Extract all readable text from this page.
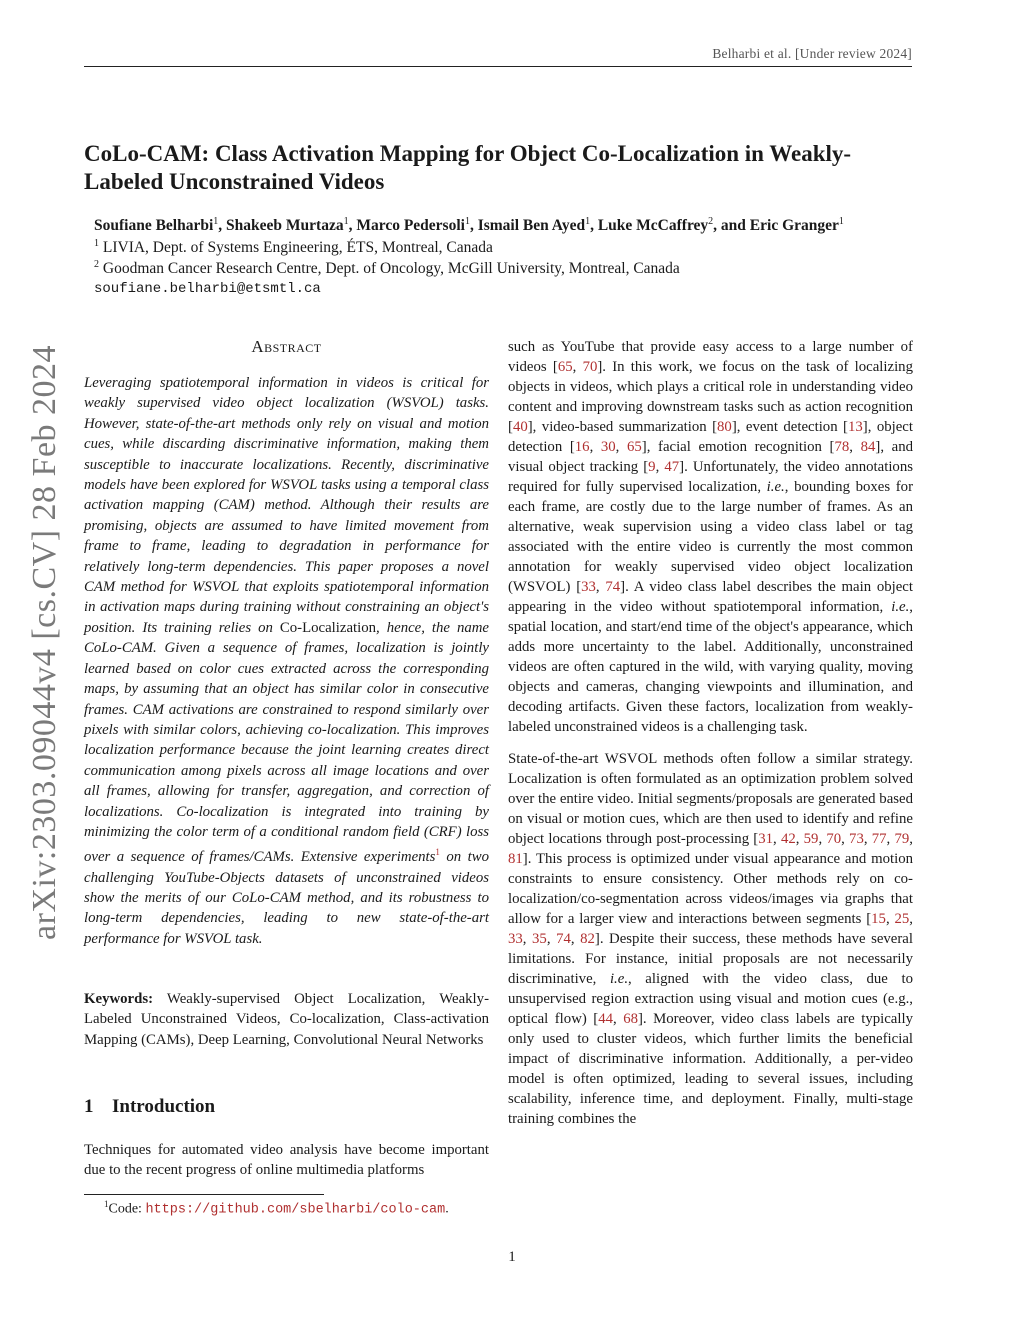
Belharbi et al. [Under review 2024]
arXiv:2303.09044v4 [cs.CV] 28 Feb 2024
CoLo-CAM: Class Activation Mapping for Object Co-Localization in Weakly-Labeled Unconstrained Videos
Soufiane Belharbi$^1$, Shakeeb Murtaza$^1$, Marco Pedersoli$^1$, Ismail Ben Ayed$^1$, Luke McCaffrey$^2$, and Eric Granger$^1$
$^1$ LIVIA, Dept. of Systems Engineering, ÉTS, Montreal, Canada
$^2$ Goodman Cancer Research Centre, Dept. of Oncology, McGill University, Montreal, Canada
soufiane.belharbi@etsmtl.ca
Abstract
Leveraging spatiotemporal information in videos is critical for weakly supervised video object localization (WSVOL) tasks. However, state-of-the-art methods only rely on visual and motion cues, while discarding discriminative information, making them susceptible to inaccurate localizations. Recently, discriminative models have been explored for WSVOL tasks using a temporal class activation mapping (CAM) method. Although their results are promising, objects are assumed to have limited movement from frame to frame, leading to degradation in performance for relatively long-term dependencies. This paper proposes a novel CAM method for WSVOL that exploits spatiotemporal information in activation maps during training without constraining an object's position. Its training relies on Co-Localization, hence, the name CoLo-CAM. Given a sequence of frames, localization is jointly learned based on color cues extracted across the corresponding maps, by assuming that an object has similar color in consecutive frames. CAM activations are constrained to respond similarly over pixels with similar colors, achieving co-localization. This improves localization performance because the joint learning creates direct communication among pixels across all image locations and over all frames, allowing for transfer, aggregation, and correction of localizations. Co-localization is integrated into training by minimizing the color term of a conditional random field (CRF) loss over a sequence of frames/CAMs. Extensive experiments$^1$ on two challenging YouTube-Objects datasets of unconstrained videos show the merits of our CoLo-CAM method, and its robustness to long-term dependencies, leading to new state-of-the-art performance for WSVOL task.
Keywords: Weakly-supervised Object Localization, Weakly-Labeled Unconstrained Videos, Co-localization, Class-activation Mapping (CAMs), Deep Learning, Convolutional Neural Networks
1 Introduction
Techniques for automated video analysis have become important due to the recent progress of online multimedia platforms
$^1$Code: https://github.com/sbelharbi/colo-cam.

such as YouTube that provide easy access to a large number of videos [65, 70]. In this work, we focus on the task of localizing objects in videos, which plays a critical role in understanding video content and improving downstream tasks such as action recognition [40], video-based summarization [80], event detection [13], object detection [16, 30, 65], facial emotion recognition [78, 84], and visual object tracking [9, 47]. Unfortunately, the video annotations required for fully supervised localization, i.e., bounding boxes for each frame, are costly due to the large number of frames. As an alternative, weak supervision using a video class label or tag associated with the entire video is currently the most common annotation for weakly supervised video object localization (WSVOL) [33, 74]. A video class label describes the main object appearing in the video without spatiotemporal information, i.e., spatial location, and start/end time of the object's appearance, which adds more uncertainty to the label. Additionally, unconstrained videos are often captured in the wild, with varying quality, moving objects and cameras, changing viewpoints and illumination, and decoding artifacts. Given these factors, localization from weakly-labeled unconstrained videos is a challenging task.

State-of-the-art WSVOL methods often follow a similar strategy. Localization is often formulated as an optimization problem solved over the entire video. Initial segments/proposals are generated based on visual or motion cues, which are then used to identify and refine object locations through post-processing [31, 42, 59, 70, 73, 77, 79, 81]. This process is optimized under visual appearance and motion constraints to ensure consistency. Other methods rely on co-localization/co-segmentation across videos/images via graphs that allow for a larger view and interactions between segments [15, 25, 33, 35, 74, 82]. Despite their success, these methods have several limitations. For instance, initial proposals are not necessarily discriminative, i.e., aligned with the video class, due to unsupervised region extraction using visual and motion cues (e.g., optical flow) [44, 68]. Moreover, video class labels are typically only used to cluster videos, which further limits the beneficial impact of discriminative information. Additionally, a per-video model is often optimized, leading to several issues, including scalability, inference time, and deployment. Finally, multi-stage training combines the

1
